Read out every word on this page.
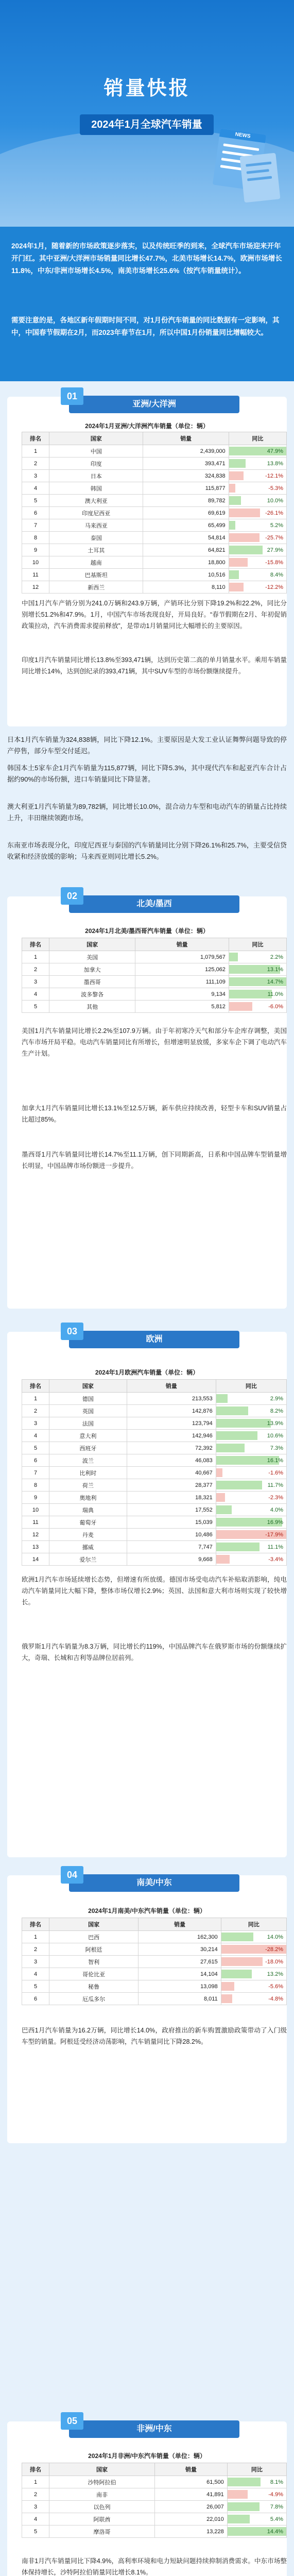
销量快报
2024年1月全球汽车销量
NEWS

2024年1月，随着新的市场政策逐步落实，以及传统旺季的到来，全球汽车市场迎来开年开门红。其中亚洲/大洋洲市场销量同比增长47.7%，北美市场增长14.7%，欧洲市场增长11.8%，中东/非洲市场增长4.5%，南美市场增长25.6%（按汽车销量统计）。

需要注意的是，各地区新年假期时间不同，对1月份汽车销量的同比数据有一定影响，其中，中国春节假期在2月，而2023年春节在1月，所以中国1月份销量同比增幅较大。

01
亚洲/大洋洲
2024年1月亚洲/大洋洲汽车销量（单位：辆）
排名	国家	销量	同比
1	中国	2,439,000	47.9%

2	印度	393,471	13.8%

3	日本	324,838	-12.1%

4	韩国	115,877	-5.3%

5	澳大利亚	89,782	10.0%

6	印度尼西亚	69,619	-26.1%

7	马来西亚	65,499	5.2%

8	泰国	54,814	-25.7%

9	土耳其	64,821	27.9%

10	越南	18,800	-15.8%

11	巴基斯坦	10,516	8.4%

12	新西兰	8,110	-12.2%

中国1月汽车产销分别为241.0万辆和243.9万辆，产销环比分别下降19.2%和22.2%，同比分别增长51.2%和47.9%。1月，中国汽车市场表现良好，开局良好。“春节假期在2月、年初促销政策拉动，汽车消费需求提前释放”，是带动1月销量同比大幅增长的主要原因。

印度1月汽车销量同比增长13.8%至393,471辆，达到历史第二高的单月销量水平。乘用车销量同比增长14%，达到创纪录的393,471辆，其中SUV车型的市场份额继续提升。

日本1月汽车销量为324,838辆，同比下降12.1%。主要原因是大发工业认证舞弊问题导致的停产停售，部分车型交付延迟。
韩国本土5家车企1月汽车销量为115,877辆，同比下降5.3%，其中现代汽车和起亚汽车合计占据约90%的市场份额，进口车销量同比下降显著。
澳大利亚1月汽车销量为89,782辆，同比增长10.0%，混合动力车型和电动汽车的销量占比持续上升，丰田继续领跑市场。
东南亚市场表现分化，印度尼西亚与泰国的汽车销量同比分别下降26.1%和25.7%，主要受信贷收紧和经济放缓的影响；马来西亚则同比增长5.2%。
02
北美/墨西
2024年1月北美/墨西哥汽车销量（单位：辆）
排名	国家	销量	同比
1	美国	1,079,567	2.2%

2	加拿大	125,062	13.1%

3	墨西哥	111,109	14.7%

4	波多黎各	9,134	11.0%

5	其他	5,812	-6.0%

美国1月汽车销量同比增长2.2%至107.9万辆。由于年初寒冷天气和部分车企库存调整，美国汽车市场开局平稳。电动汽车销量同比有所增长，但增速明显放缓，多家车企下调了电动汽车生产计划。

加拿大1月汽车销量同比增长13.1%至12.5万辆，新车供应持续改善，轻型卡车和SUV销量占比超过85%。

墨西哥1月汽车销量同比增长14.7%至11.1万辆，创下同期新高，日系和中国品牌车型销量增长明显，中国品牌市场份额进一步提升。

03
欧洲
2024年1月欧洲汽车销量（单位：辆）
排名	国家	销量	同比
1	德国	213,553	2.9%

2	英国	142,876	8.2%

3	法国	123,794	13.9%

4	意大利	142,946	10.6%

5	西班牙	72,392	7.3%

6	波兰	46,083	16.1%

7	比利时	40,667	-1.6%

8	荷兰	28,377	11.7%

9	奥地利	18,321	-2.3%

10	瑞典	17,552	4.0%

11	葡萄牙	15,039	16.9%

12	丹麦	10,486	-17.9%

13	挪威	7,747	11.1%

14	爱尔兰	9,668	-3.4%

欧洲1月汽车市场延续增长态势，但增速有所放缓。德国市场受电动汽车补贴取消影响，纯电动汽车销量同比大幅下降，整体市场仅增长2.9%；英国、法国和意大利市场则实现了较快增长。

俄罗斯1月汽车销量为8.3万辆，同比增长约119%，中国品牌汽车在俄罗斯市场的份额继续扩大，奇瑞、长城和吉利等品牌位居前列。

04
南美/中东
2024年1月南美/中东汽车销量（单位：辆）
排名	国家	销量	同比
1	巴西	162,300	14.0%

2	阿根廷	30,214	-28.2%

3	智利	27,615	-18.0%

4	哥伦比亚	14,104	13.2%

5	秘鲁	13,098	-5.6%

6	厄瓜多尔	8,011	-4.8%

巴西1月汽车销量为16.2万辆，同比增长14.0%，政府推出的新车购置激励政策带动了入门级车型的销量。阿根廷受经济动荡影响，汽车销量同比下降28.2%。

05
非洲/中东
2024年1月非洲/中东汽车销量（单位：辆）
排名	国家	销量	同比
1	沙特阿拉伯	61,500	8.1%

2	南非	41,891	-4.9%

3	以色列	26,007	7.8%

4	阿联酋	22,010	5.4%

5	摩洛哥	13,228	14.4%

南非1月汽车销量同比下降4.9%，高利率环境和电力短缺问题持续抑制消费需求。中东市场整体保持增长，沙特阿拉伯销量同比增长8.1%。
